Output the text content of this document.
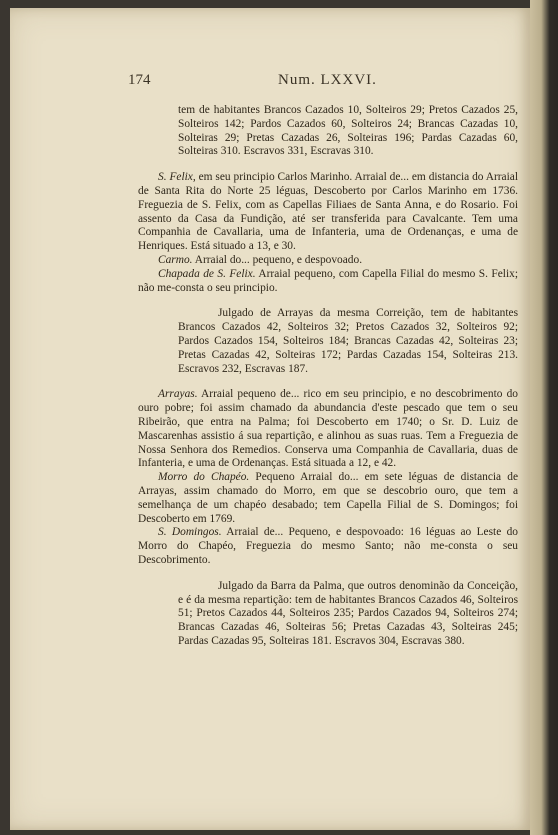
174	Num. LXXVI.

tem de habitantes Brancos Cazados 10, Solteiros 29; Pretos Cazados 25, Solteiros 142; Pardos Cazados 60, Solteiros 24; Brancas Cazadas 10, Solteiras 29; Pretas Cazadas 26, Solteiras 196; Pardas Cazadas 60, Solteiras 310. Escravos 331, Escravas 310.

S. Felix, em seu principio Carlos Marinho. Arraial de... em distancia do Arraial de Santa Rita do Norte 25 léguas, Descoberto por Carlos Marinho em 1736. Freguezia de S. Felix, com as Capellas Filiaes de Santa Anna, e do Rosario. Foi assento da Casa da Fundição, até ser transferida para Cavalcante. Tem uma Companhia de Cavallaria, uma de Infanteria, uma de Ordenanças, e uma de Henriques. Está situado a 13, e 30.

Carmo. Arraial do... pequeno, e despovoado.

Chapada de S. Felix. Arraial pequeno, com Capella Filial do mesmo S. Felix; não me-consta o seu principio.

Julgado de Arrayas da mesma Correição, tem de habitantes Brancos Cazados 42, Solteiros 32; Pretos Cazados 32, Solteiros 92; Pardos Cazados 154, Solteiros 184; Brancas Cazadas 42, Solteiras 23; Pretas Cazadas 42, Solteiras 172; Pardas Cazadas 154, Solteiras 213. Escravos 232, Escravas 187.

Arrayas. Arraial pequeno de... rico em seu principio, e no descobrimento do ouro pobre; foi assim chamado da abundancia d'este pescado que tem o seu Ribeirão, que entra na Palma; foi Descoberto em 1740; o Sr. D. Luiz de Mascarenhas assistio á sua repartição, e alinhou as suas ruas. Tem a Freguezia de Nossa Senhora dos Remedios. Conserva uma Companhia de Cavallaria, duas de Infanteria, e uma de Ordenanças. Está situada a 12, e 42.

Morro do Chapéo. Pequeno Arraial do... em sete léguas de distancia de Arrayas, assim chamado do Morro, em que se descobrio ouro, que tem a semelhança de um chapéo desabado; tem Capella Filial de S. Domingos; foi Descoberto em 1769.

S. Domingos. Arraial de... Pequeno, e despovoado: 16 léguas ao Leste do Morro do Chapéo, Freguezia do mesmo Santo; não me-consta o seu Descobrimento.

Julgado da Barra da Palma, que outros denominão da Conceição, e é da mesma repartição: tem de habitantes Brancos Cazados 46, Solteiros 51; Pretos Cazados 44, Solteiros 235; Pardos Cazados 94, Solteiros 274; Brancas Cazadas 46, Solteiras 56; Pretas Cazadas 43, Solteiras 245; Pardas Cazadas 95, Solteiras 181. Escravos 304, Escravas 380.
